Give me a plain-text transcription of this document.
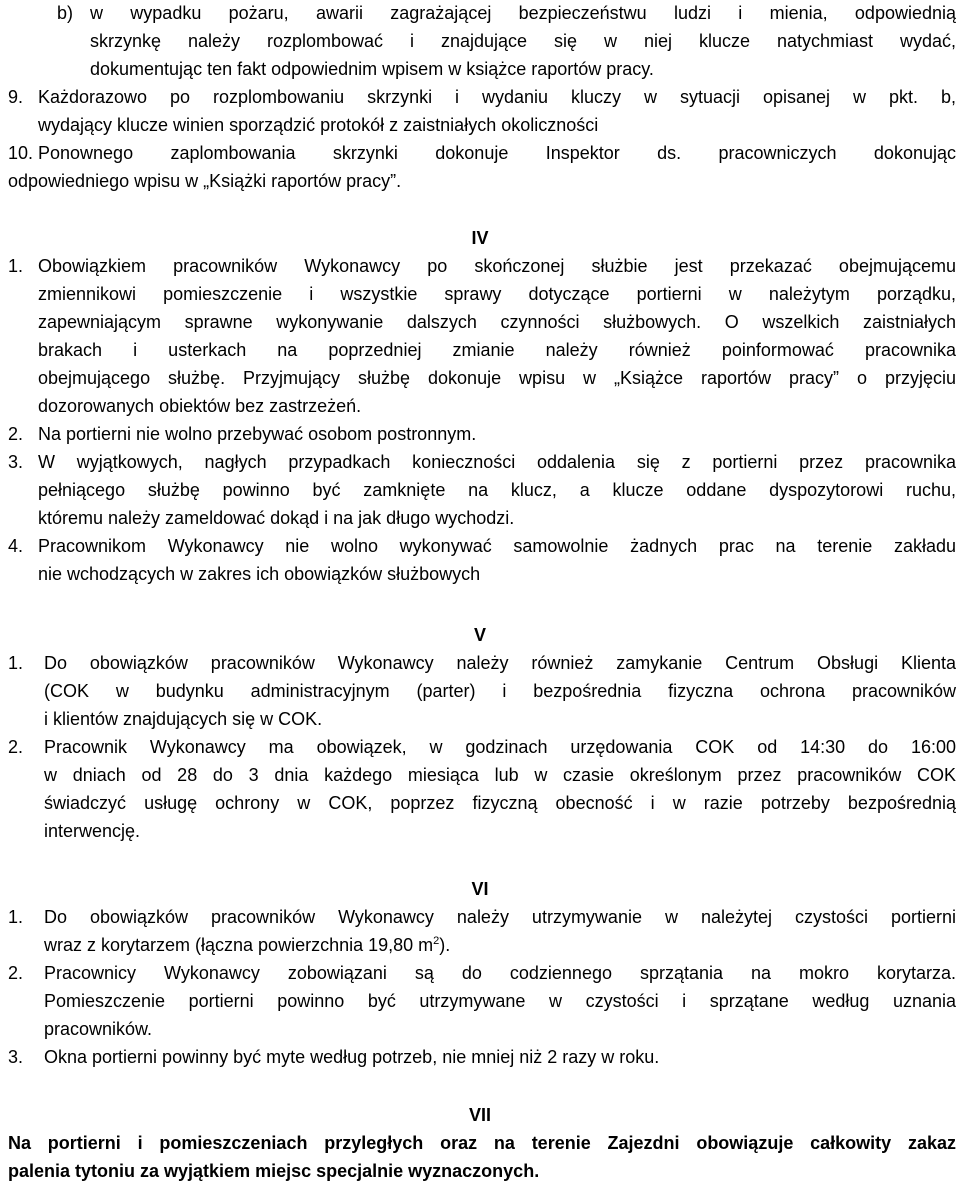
b) w wypadku pożaru, awarii zagrażającej bezpieczeństwu ludzi i mienia, odpowiednią
skrzynkę należy rozplombować i znajdujące się w niej klucze natychmiast wydać,
dokumentując ten fakt odpowiednim wpisem w książce raportów pracy.
9. Każdorazowo po rozplombowaniu skrzynki i wydaniu kluczy w sytuacji opisanej w pkt. b,
wydający klucze winien sporządzić protokół z zaistniałych okoliczności
10. Ponownego zaplombowania skrzynki dokonuje Inspektor ds. pracowniczych dokonując
odpowiedniego wpisu w „Książki raportów pracy”.
IV
1. Obowiązkiem pracowników Wykonawcy po skończonej służbie jest przekazać obejmującemu
zmiennikowi pomieszczenie i wszystkie sprawy dotyczące portierni w należytym porządku,
zapewniającym sprawne wykonywanie dalszych czynności służbowych. O wszelkich zaistniałych
brakach i usterkach na poprzedniej zmianie należy również poinformować pracownika
obejmującego służbę. Przyjmujący służbę dokonuje wpisu w „Książce raportów pracy” o przyjęciu
dozorowanych obiektów bez zastrzeżeń.
2. Na portierni nie wolno przebywać osobom postronnym.
3. W wyjątkowych, nagłych przypadkach konieczności oddalenia się z portierni przez pracownika
pełniącego służbę powinno być zamknięte na klucz, a klucze oddane dyspozytorowi ruchu,
któremu należy zameldować dokąd i na jak długo wychodzi.
4. Pracownikom Wykonawcy nie wolno wykonywać samowolnie żadnych prac na terenie zakładu
nie wchodzących w zakres ich obowiązków służbowych
V
1. Do obowiązków pracowników Wykonawcy należy również zamykanie Centrum Obsługi Klienta
(COK w budynku administracyjnym (parter) i bezpośrednia fizyczna ochrona pracowników
i klientów znajdujących się w COK.
2. Pracownik Wykonawcy ma obowiązek, w godzinach urzędowania COK od 14:30 do 16:00
w dniach od 28 do 3 dnia każdego miesiąca lub w czasie określonym przez pracowników COK
świadczyć usługę ochrony w COK, poprzez fizyczną obecność i w razie potrzeby bezpośrednią
interwencję.
VI
1. Do obowiązków pracowników Wykonawcy należy utrzymywanie w należytej czystości portierni
wraz z korytarzem (łączna powierzchnia 19,80 $m^2$).
2. Pracownicy Wykonawcy zobowiązani są do codziennego sprzątania na mokro korytarza.
Pomieszczenie portierni powinno być utrzymywane w czystości i sprzątane według uznania
pracowników.
3. Okna portierni powinny być myte według potrzeb, nie mniej niż 2 razy w roku.
VII
Na portierni i pomieszczeniach przyległych oraz na terenie Zajezdni obowiązuje całkowity zakaz
palenia tytoniu za wyjątkiem miejsc specjalnie wyznaczonych.
